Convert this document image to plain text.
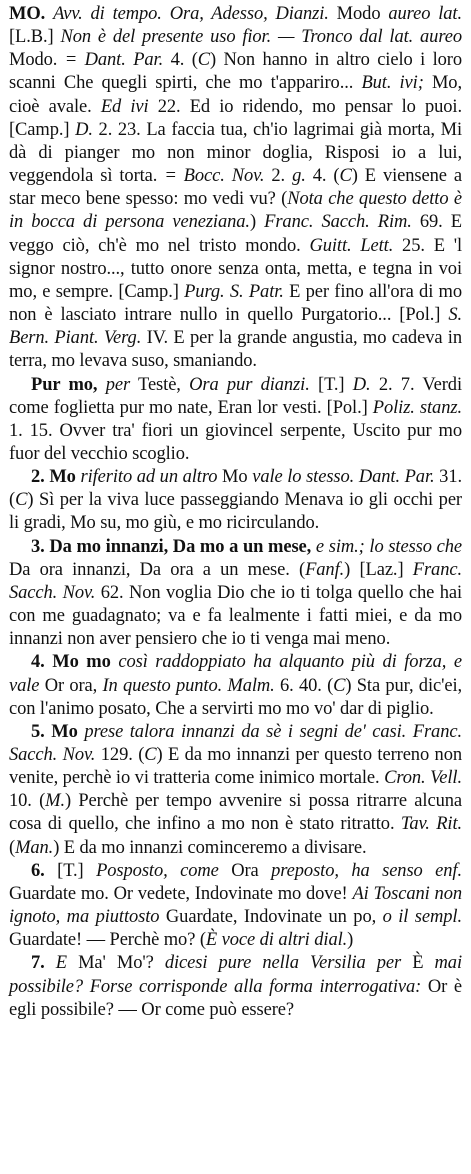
MO. Avv. di tempo. Ora, Adesso, Dianzi. Modo aureo lat. [L.B.] Non è del presente uso fior. — Tronco dal lat. aureo Modo. = Dant. Par. 4. (C) Non hanno in altro cielo i loro scanni Che quegli spirti, che mo t'appariro... But. ivi; Mo, cioè avale. Ed ivi 22. Ed io ridendo, mo pensar lo puoi. [Camp.] D. 2. 23. La faccia tua, ch'io lagrimai già morta, Mi dà di pianger mo non minor doglia, Risposi io a lui, veggendola sì torta. = Bocc. Nov. 2. g. 4. (C) E viensene a star meco bene spesso: mo vedi vu? (Nota che questo detto è in bocca di persona veneziana.) Franc. Sacch. Rim. 69. E veggo ciò, ch'è mo nel tristo mondo. Guitt. Lett. 25. E 'l signor nostro..., tutto onore senza onta, metta, e tegna in voi mo, e sempre. [Camp.] Purg. S. Patr. E per fino all'ora di mo non è lasciato intrare nullo in quello Purgatorio... [Pol.] S. Bern. Piant. Verg. IV. E per la grande angustia, mo cadeva in terra, mo levava suso, smaniando.

Pur mo, per Testè, Ora pur dianzi. [T.] D. 2. 7. Verdi come foglietta pur mo nate, Eran lor vesti. [Pol.] Poliz. stanz. 1. 15. Ovver tra' fiori un giovincel serpente, Uscito pur mo fuor del vecchio scoglio.

2. Mo riferito ad un altro Mo vale lo stesso. Dant. Par. 31. (C) Sì per la viva luce passeggiando Menava io gli occhi per li gradi, Mo su, mo giù, e mo ricirculando.

3. Da mo innanzi, Da mo a un mese, e sim.; lo stesso che Da ora innanzi, Da ora a un mese. (Fanf.) [Laz.] Franc. Sacch. Nov. 62. Non voglia Dio che io ti tolga quello che hai con me guadagnato; va e fa lealmente i fatti miei, e da mo innanzi non aver pensiero che io ti venga mai meno.

4. Mo mo così raddoppiato ha alquanto più di forza, e vale Or ora, In questo punto. Malm. 6. 40. (C) Sta pur, dic'ei, con l'animo posato, Che a servirti mo mo vo' dar di piglio.

5. Mo prese talora innanzi da sè i segni de' casi. Franc. Sacch. Nov. 129. (C) E da mo innanzi per questo terreno non venite, perchè io vi tratteria come inimico mortale. Cron. Vell. 10. (M.) Perchè per tempo avvenire si possa ritrarre alcuna cosa di quello, che infino a mo non è stato ritratto. Tav. Rit. (Man.) E da mo innanzi cominceremo a divisare.

6. [T.] Posposto, come Ora preposto, ha senso enf. Guardate mo. Or vedete, Indovinate mo dove! Ai Toscani non ignoto, ma piuttosto Guardate, Indovinate un po, o il sempl. Guardate! — Perchè mo? (È voce di altri dial.)

7. E Ma' Mo'? dicesi pure nella Versilia per È mai possibile? Forse corrisponde alla forma interrogativa: Or è egli possibile? — Or come può essere?
